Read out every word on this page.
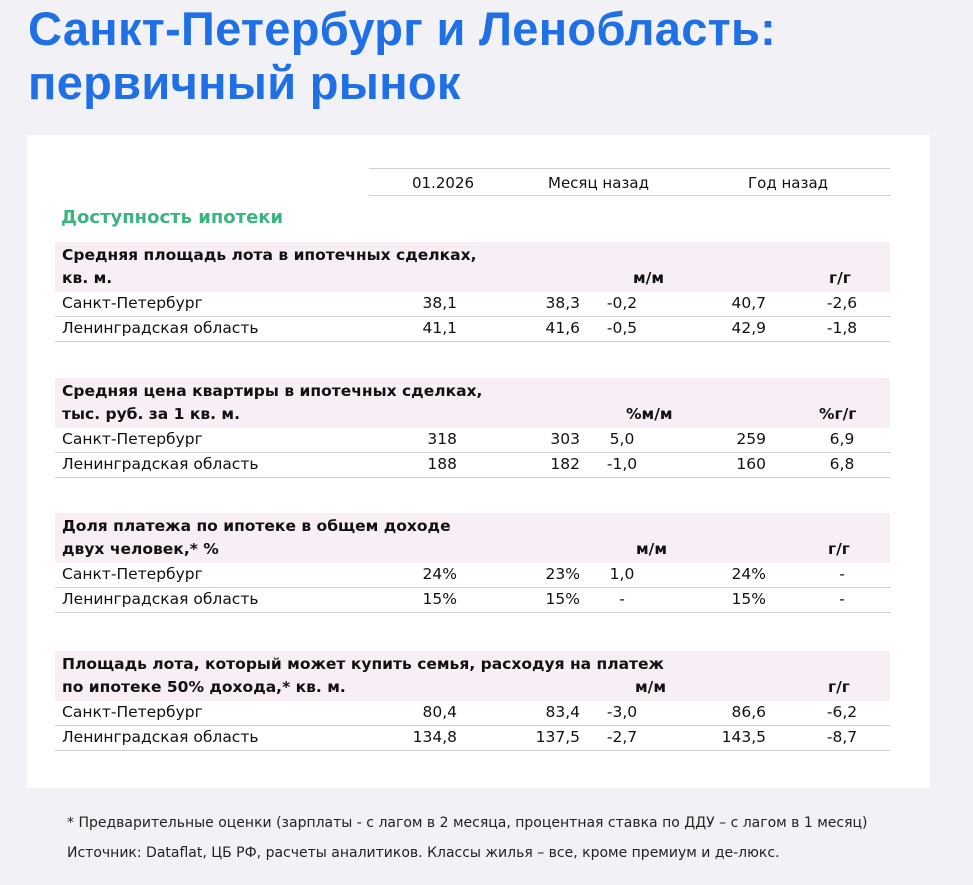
Санкт-Петербург и Ленобласть:
первичный рынок
01.2026	Месяц назад	Год назад
Доступность ипотеки
Средняя площадь лота в ипотечных сделках,
кв. м.	м/м	г/г
Санкт-Петербург	38,1	38,3	-0,2	40,7	-2,6
Ленинградская область	41,1	41,6	-0,5	42,9	-1,8
Средняя цена квартиры в ипотечных сделках,
тыс. руб. за 1 кв. м.	%м/м	%г/г
Санкт-Петербург	318	303	5,0	259	6,9
Ленинградская область	188	182	-1,0	160	6,8
Доля платежа по ипотеке в общем доходе
двух человек,* %	м/м	г/г
Санкт-Петербург	24%	23%	1,0	24%	-
Ленинградская область	15%	15%	-	15%	-
Площадь лота, который может купить семья, расходуя на платеж
по ипотеке 50% дохода,* кв. м.	м/м	г/г
Санкт-Петербург	80,4	83,4	-3,0	86,6	-6,2
Ленинградская область	134,8	137,5	-2,7	143,5	-8,7
* Предварительные оценки (зарплаты - с лагом в 2 месяца, процентная ставка по ДДУ – с лагом в 1 месяц)
Источник: Dataflat, ЦБ РФ, расчеты аналитиков. Классы жилья – все, кроме премиум и де-люкс.
